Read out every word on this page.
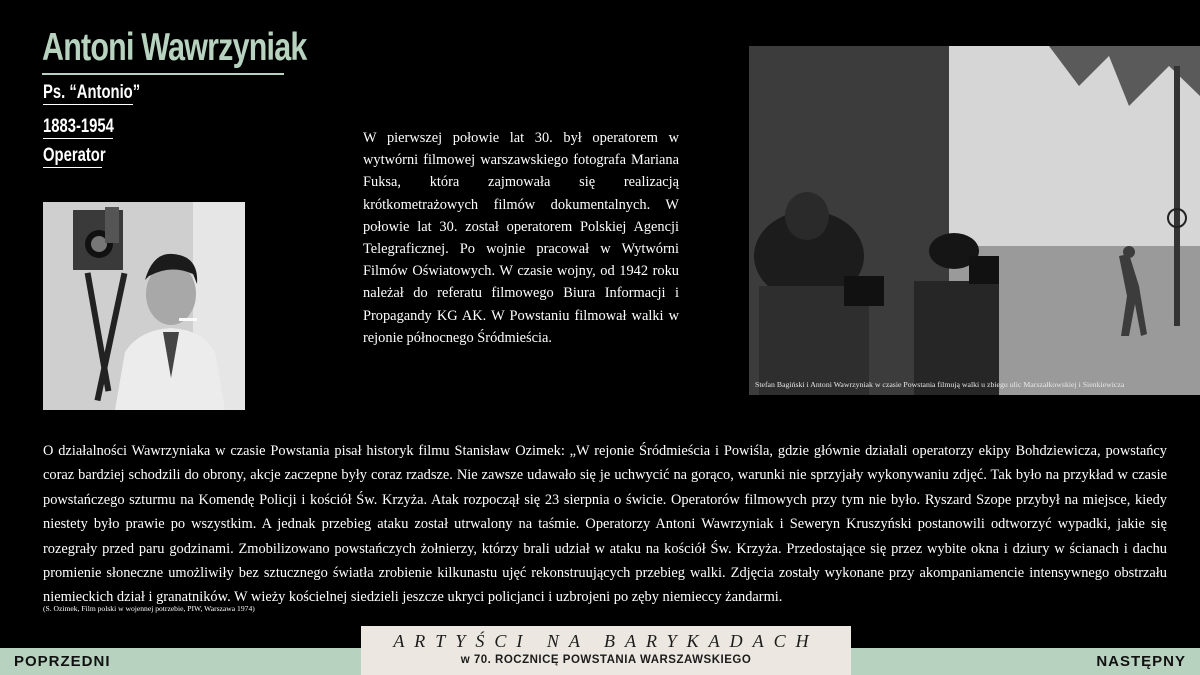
Antoni Wawrzyniak
Ps. “Antonio”
1883-1954
Operator
W pierwszej połowie lat 30. był operatorem w wytwórni filmowej warszawskiego fotografa Mariana Fuksa, która zajmowała się realizacją krótkometrażowych filmów dokumentalnych. W połowie lat 30. został operatorem Polskiej Agencji Telegraficznej. Po wojnie pracował w Wytwórni Filmów Oświatowych. W czasie wojny, od 1942 roku należał do referatu filmowego Biura Informacji i Propagandy KG AK. W Powstaniu filmował walki w rejonie północnego Śródmieścia.
Stefan Bagiński i Antoni Wawrzyniak w czasie Powstania filmują walki u zbiegu ulic Marszałkowskiej i Sienkiewicza
O działalności Wawrzyniaka w czasie Powstania pisał historyk filmu Stanisław Ozimek: „W rejonie Śródmieścia i Powiśla, gdzie głównie działali operatorzy ekipy Bohdziewicza, powstańcy coraz bardziej schodzili do obrony, akcje zaczepne były coraz rzadsze. Nie zawsze udawało się je uchwycić na gorąco, warunki nie sprzyjały wykonywaniu zdjęć. Tak było na przykład w czasie powstańczego szturmu na Komendę Policji i kościół Św. Krzyża. Atak rozpoczął się 23 sierpnia o świcie. Operatorów filmowych przy tym nie było. Ryszard Szope przybył na miejsce, kiedy niestety było prawie po wszystkim. A jednak przebieg ataku został utrwalony na taśmie. Operatorzy Antoni Wawrzyniak i Seweryn Kruszyński postanowili odtworzyć wypadki, jakie się rozegrały przed paru godzinami. Zmobilizowano powstańczych żołnierzy, którzy brali udział w ataku na kościół Św. Krzyża. Przedostające się przez wybite okna i dziury w ścianach i dachu promienie słoneczne umożliwiły bez sztucznego światła zrobienie kilkunastu ujęć rekonstruujących przebieg walki. Zdjęcia zostały wykonane przy akompaniamencie intensywnego obstrzału niemieckich dział i granatników. W wieży kościelnej siedzieli jeszcze ukryci policjanci i uzbrojeni po zęby niemieccy żandarmi.
(S. Ozimek, Film polski w wojennej potrzebie, PIW, Warszawa 1974)
POPRZEDNI	NASTĘPNY
ARTYŚCI NA BARYKADACH
w 70. ROCZNICĘ POWSTANIA WARSZAWSKIEGO
